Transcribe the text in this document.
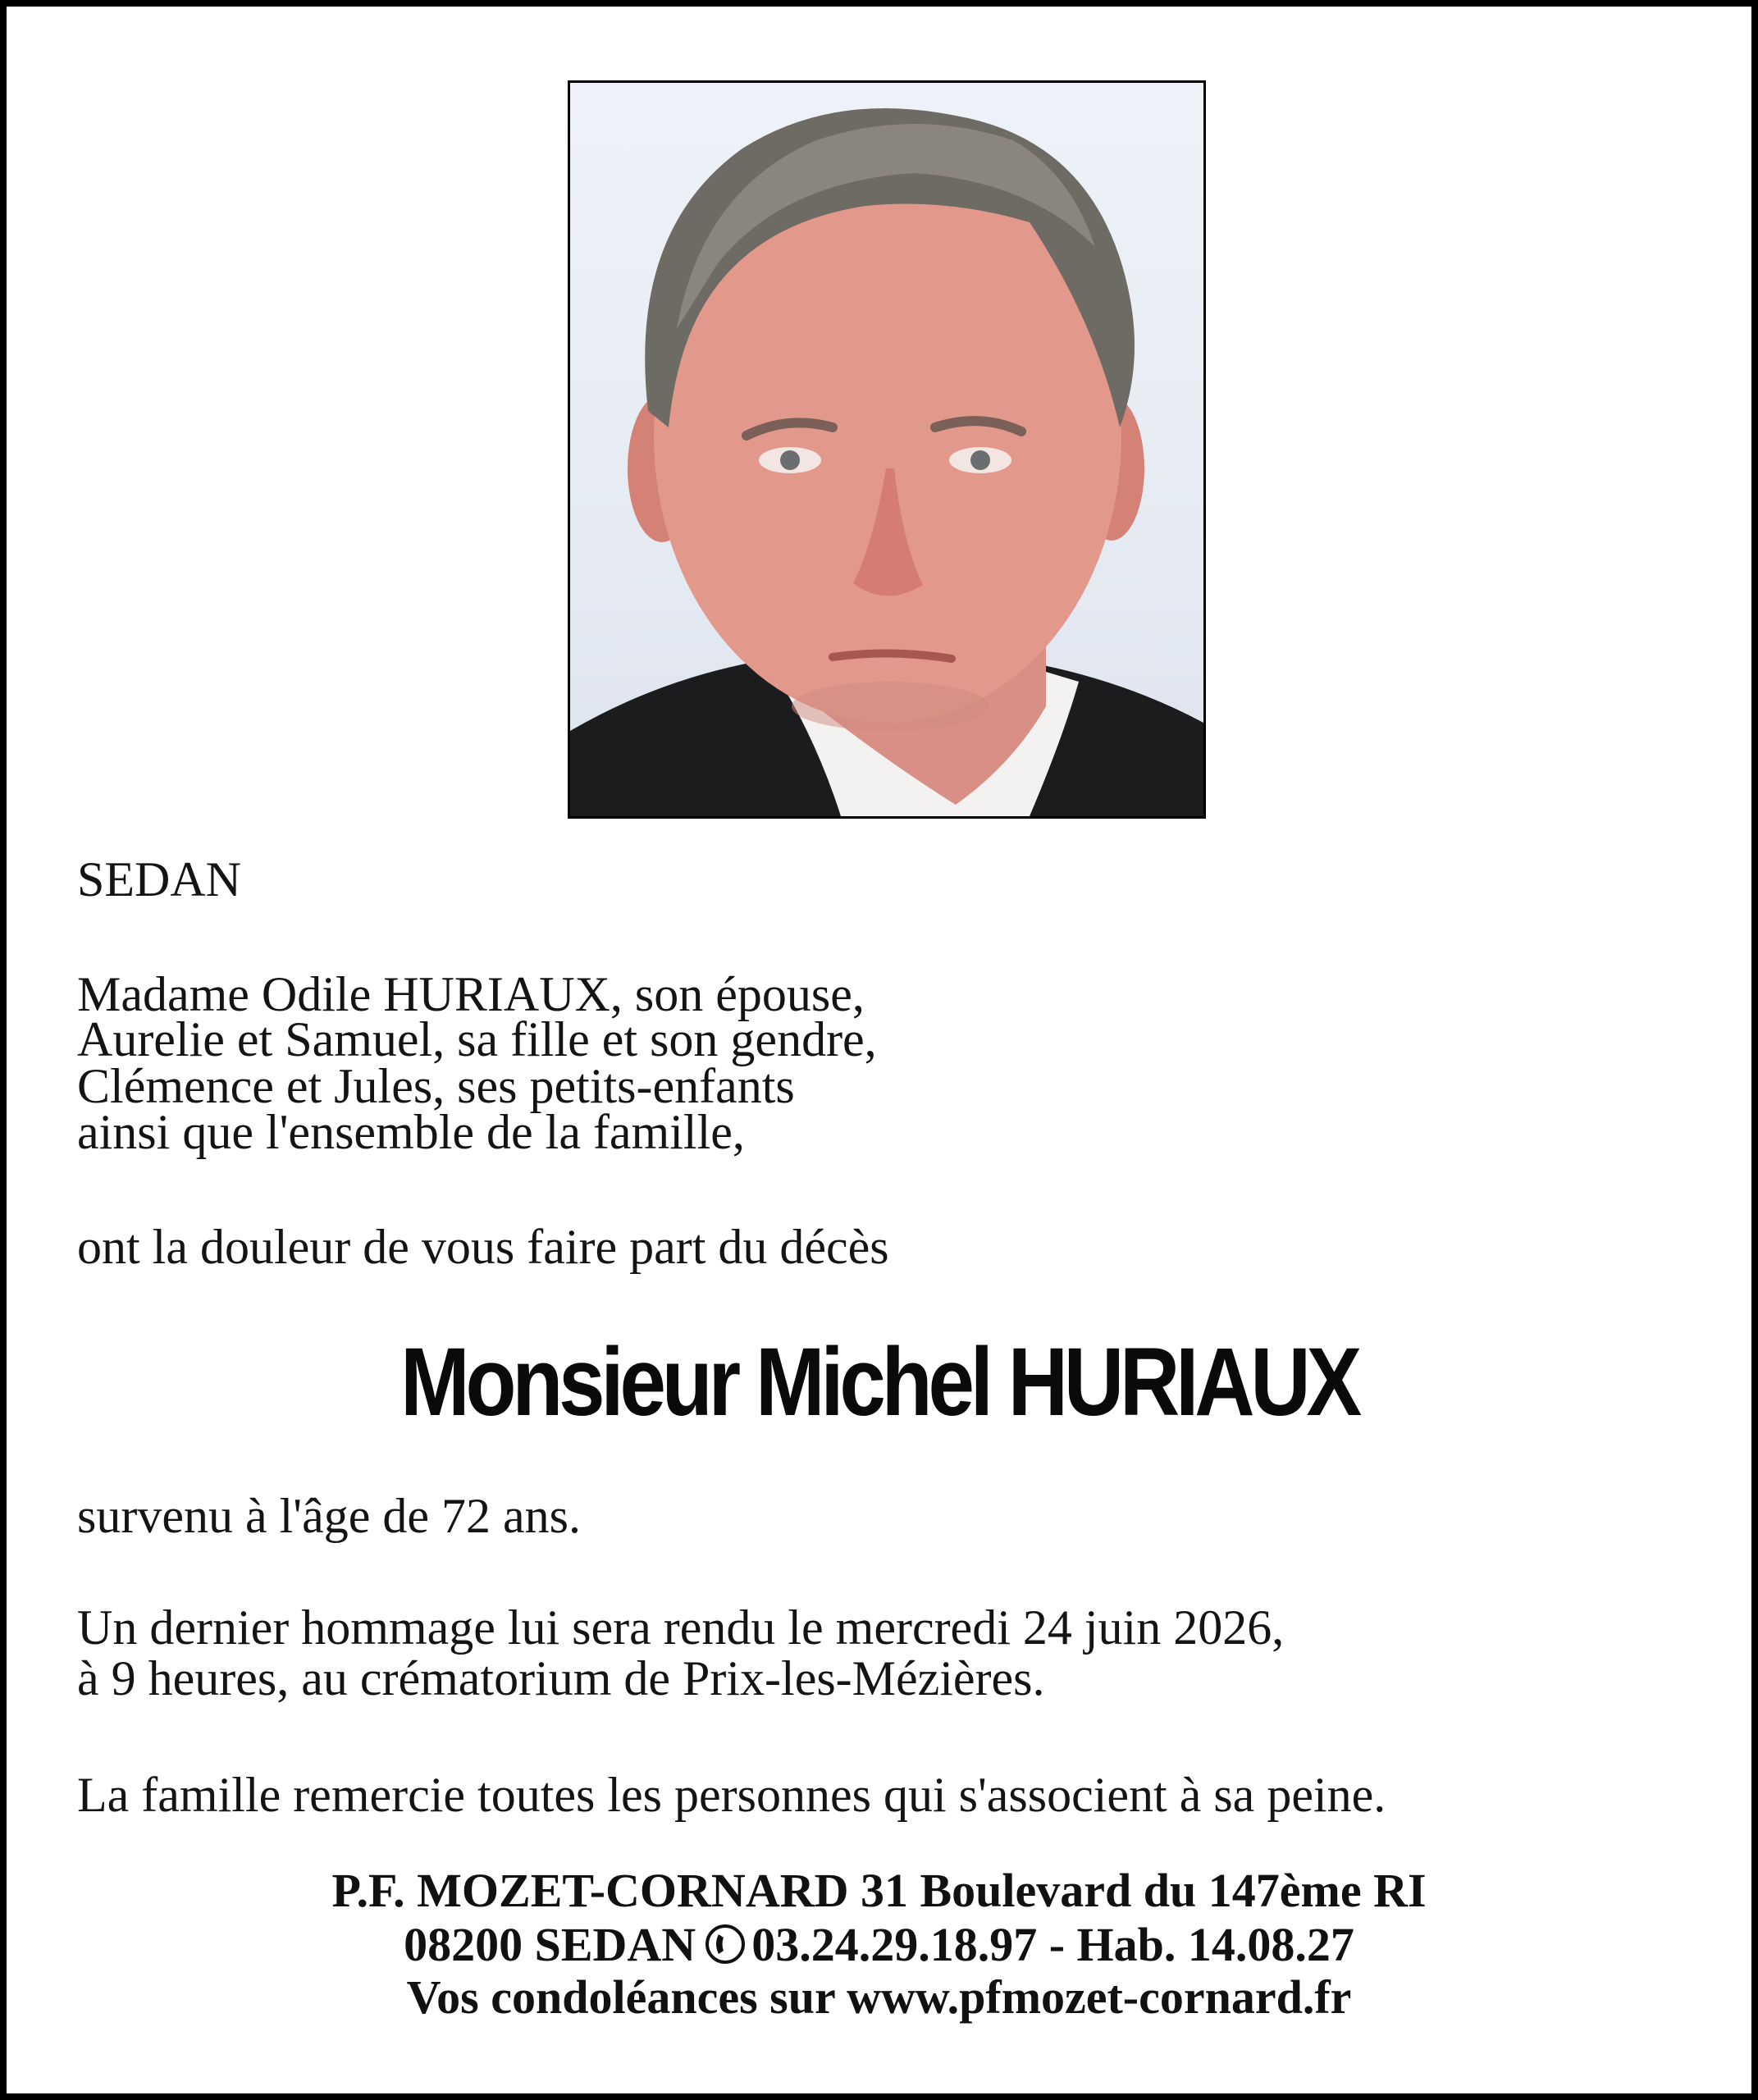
SEDAN

Madame Odile HURIAUX, son épouse,

Aurelie et Samuel, sa fille et son gendre,

Clémence et Jules, ses petits-enfants

ainsi que l'ensemble de la famille,

ont la douleur de vous faire part du décès

Monsieur Michel HURIAUX

survenu à l'âge de 72 ans.

Un dernier hommage lui sera rendu le mercredi 24 juin 2026,

à 9 heures, au crématorium de Prix-les-Mézières.

La famille remercie toutes les personnes qui s'associent à sa peine.

P.F. MOZET-CORNARD 31 Boulevard du 147ème RI
08200 SEDAN 03.24.29.18.97 - Hab. 14.08.27
Vos condoléances sur www.pfmozet-cornard.fr
